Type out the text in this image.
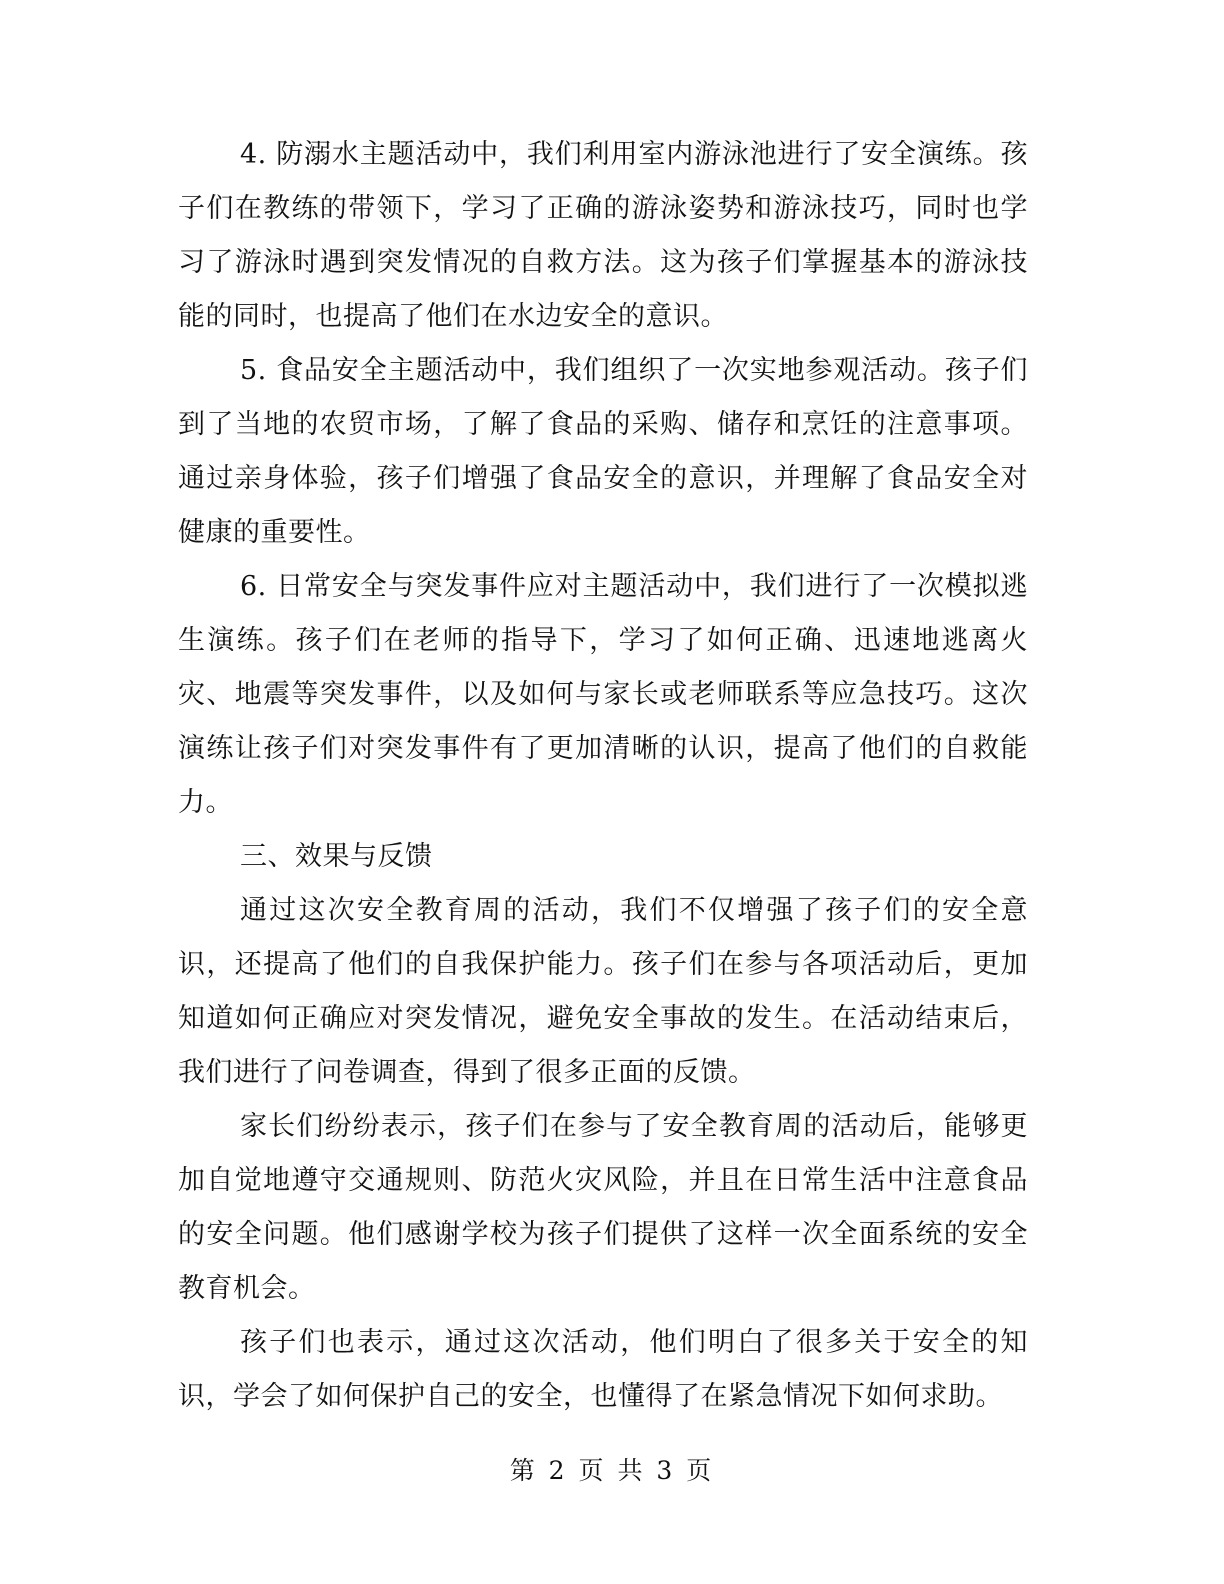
4. 防溺水主题活动中，我们利用室内游泳池进行了安全演练。孩子们在教练的带领下，学习了正确的游泳姿势和游泳技巧，同时也学习了游泳时遇到突发情况的自救方法。这为孩子们掌握基本的游泳技能的同时，也提高了他们在水边安全的意识。

5. 食品安全主题活动中，我们组织了一次实地参观活动。孩子们到了当地的农贸市场，了解了食品的采购、储存和烹饪的注意事项。通过亲身体验，孩子们增强了食品安全的意识，并理解了食品安全对健康的重要性。

6. 日常安全与突发事件应对主题活动中，我们进行了一次模拟逃生演练。孩子们在老师的指导下，学习了如何正确、迅速地逃离火灾、地震等突发事件，以及如何与家长或老师联系等应急技巧。这次演练让孩子们对突发事件有了更加清晰的认识，提高了他们的自救能力。

三、效果与反馈

通过这次安全教育周的活动，我们不仅增强了孩子们的安全意识，还提高了他们的自我保护能力。孩子们在参与各项活动后，更加知道如何正确应对突发情况，避免安全事故的发生。在活动结束后，我们进行了问卷调查，得到了很多正面的反馈。

家长们纷纷表示，孩子们在参与了安全教育周的活动后，能够更加自觉地遵守交通规则、防范火灾风险，并且在日常生活中注意食品的安全问题。他们感谢学校为孩子们提供了这样一次全面系统的安全教育机会。

孩子们也表示，通过这次活动，他们明白了很多关于安全的知识，学会了如何保护自己的安全，也懂得了在紧急情况下如何求助。

第 2 页 共 3 页
